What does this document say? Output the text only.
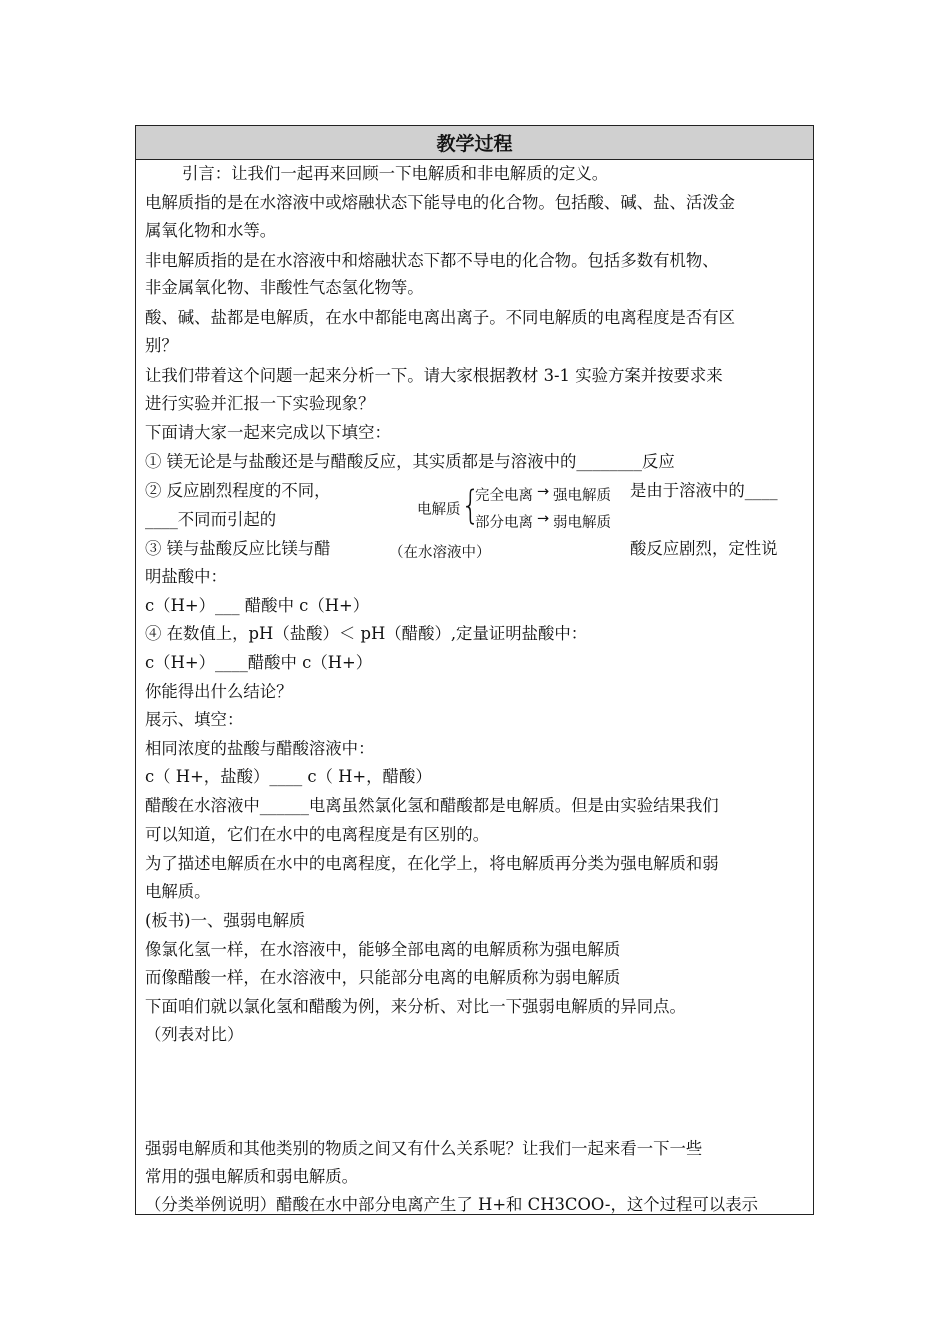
教学过程
引言：让我们一起再来回顾一下电解质和非电解质的定义。
电解质指的是在水溶液中或熔融状态下能导电的化合物。包括酸、碱、盐、活泼金
属氧化物和水等。
非电解质指的是在水溶液中和熔融状态下都不导电的化合物。包括多数有机物、
非金属氧化物、非酸性气态氢化物等。
酸、碱、盐都是电解质，在水中都能电离出离子。不同电解质的电离程度是否有区
别？
让我们带着这个问题一起来分析一下。请大家根据教材 3-1 实验方案并按要求来
进行实验并汇报一下实验现象？
下面请大家一起来完成以下填空：
① 镁无论是与盐酸还是与醋酸反应，其实质都是与溶液中的________反应
② 反应剧烈程度的不同，	是由于溶液中的____
____不同而引起的
③ 镁与盐酸反应比镁与醋	酸反应剧烈，定性说
明盐酸中：
c（H+）___ 醋酸中 c（H+）
④ 在数值上，pH（盐酸）＜ pH（醋酸）,定量证明盐酸中：
c（H+）____醋酸中 c（H+）
你能得出什么结论？
展示、填空：
相同浓度的盐酸与醋酸溶液中：
c（ H+，盐酸）____ c（ H+，醋酸）
醋酸在水溶液中______电离虽然氯化氢和醋酸都是电解质。但是由实验结果我们
可以知道，它们在水中的电离程度是有区别的。
为了描述电解质在水中的电离程度，在化学上，将电解质再分类为强电解质和弱
电解质。
(板书)一、强弱电解质
像氯化氢一样，在水溶液中，能够全部电离的电解质称为强电解质
而像醋酸一样，在水溶液中，只能部分电离的电解质称为弱电解质
下面咱们就以氯化氢和醋酸为例，来分析、对比一下强弱电解质的异同点。
（列表对比）
强弱电解质和其他类别的物质之间又有什么关系呢？让我们一起来看一下一些
常用的强电解质和弱电解质。
（分类举例说明）醋酸在水中部分电离产生了 H+和 CH3COO-，这个过程可以表示
电解质 {
完全电离 → 强电解质
部分电离 → 弱电解质
（在水溶液中）
